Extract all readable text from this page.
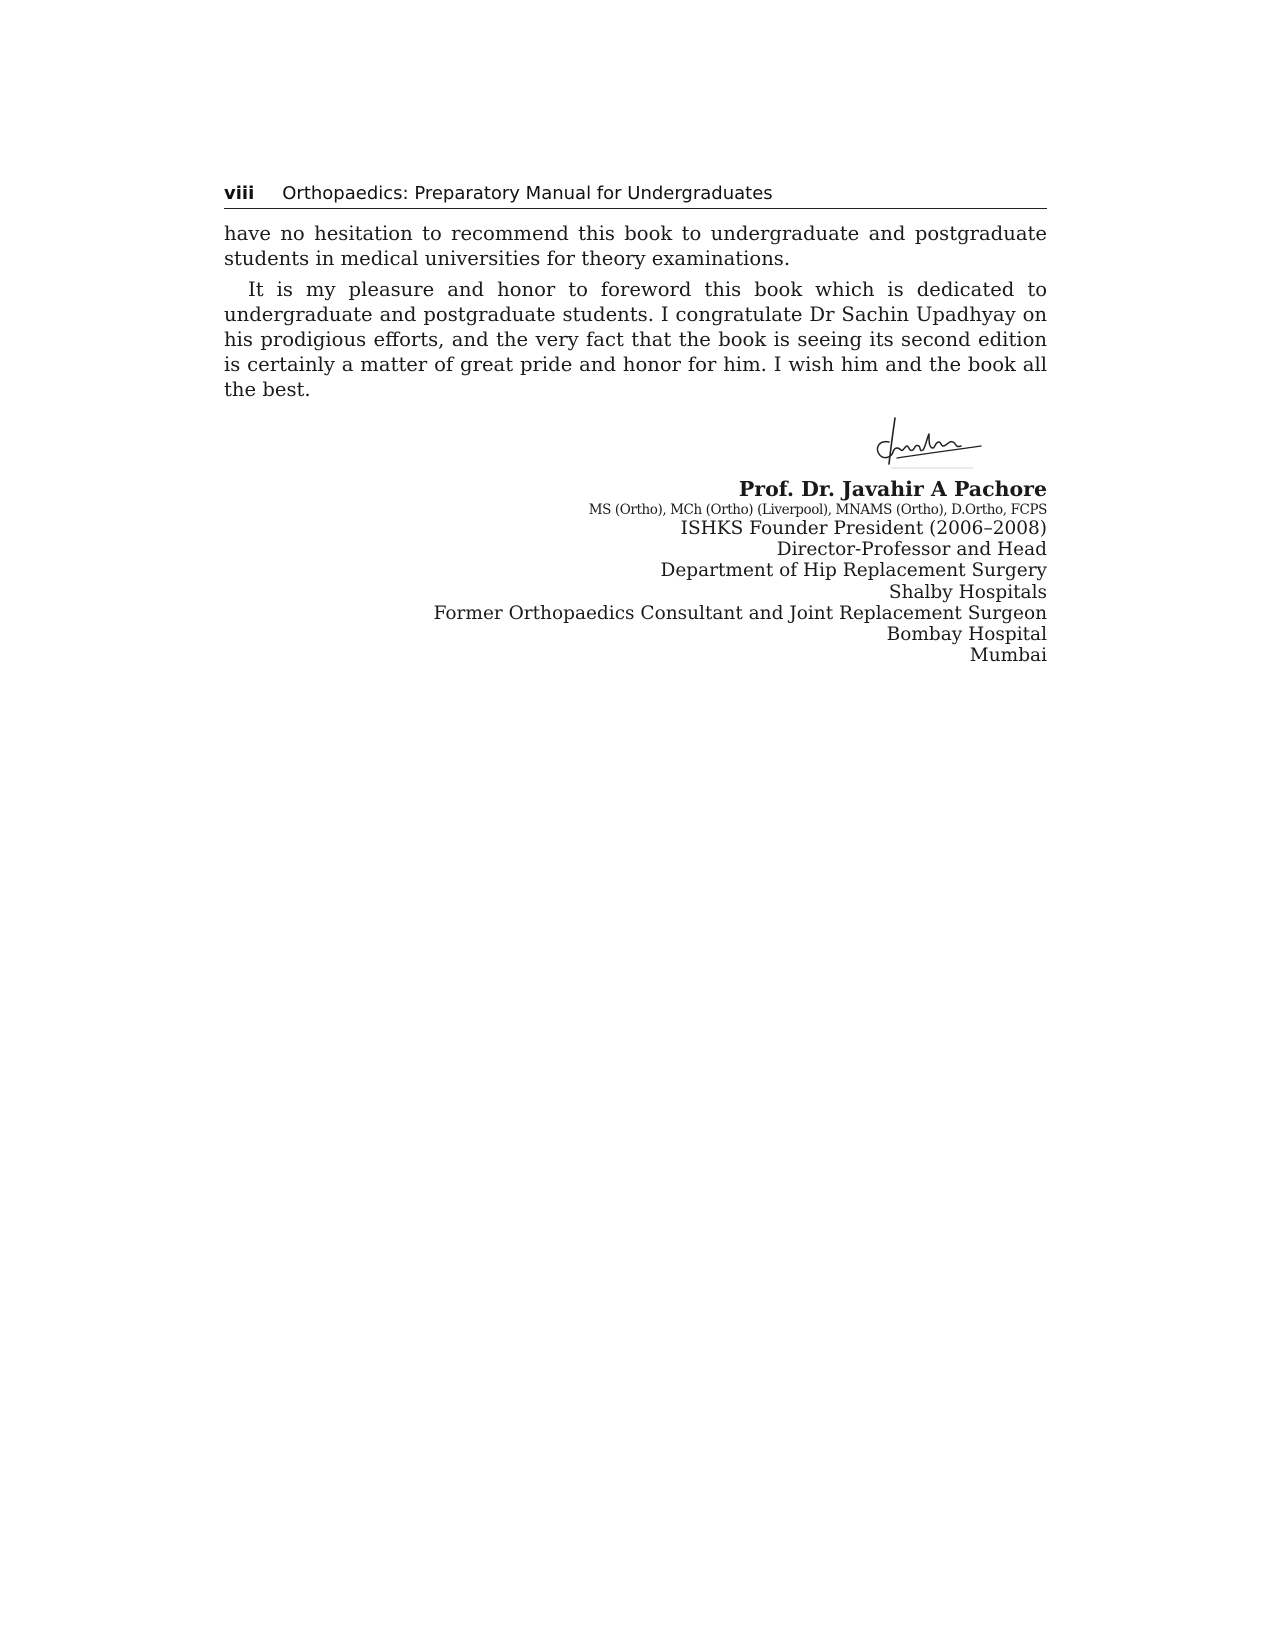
viii Orthopaedics: Preparatory Manual for Undergraduates

have no hesitation to recommend this book to undergraduate and postgraduate students in medical universities for theory examinations.

It is my pleasure and honor to foreword this book which is dedicated to undergraduate and postgraduate students. I congratulate Dr Sachin Upadhyay on his prodigious efforts, and the very fact that the book is seeing its second edition is certainly a matter of great pride and honor for him. I wish him and the book all the best.

Prof. Dr. Javahir A Pachore
MS (Ortho), MCh (Ortho) (Liverpool), MNAMS (Ortho), D.Ortho, FCPS
ISHKS Founder President (2006–2008)
Director-Professor and Head
Department of Hip Replacement Surgery
Shalby Hospitals
Former Orthopaedics Consultant and Joint Replacement Surgeon
Bombay Hospital
Mumbai
